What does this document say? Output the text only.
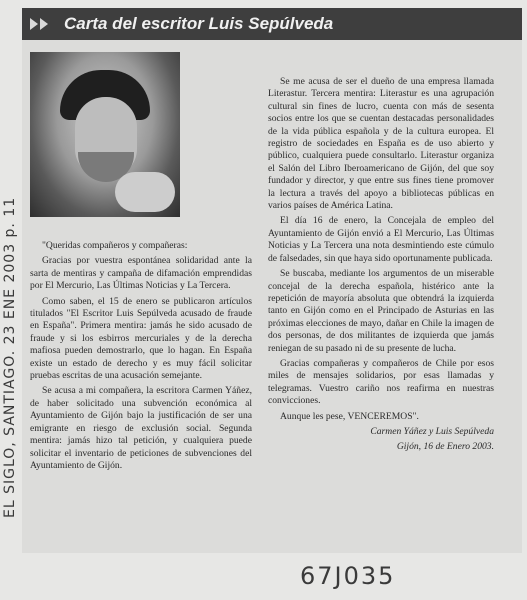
Carta del escritor Luis Sepúlveda

"Queridas compañeros y compañeras:

Gracias por vuestra espontánea solidaridad ante la sarta de mentiras y campaña de difamación emprendidas por El Mercurio, Las Últimas Noticias y La Tercera.

Como saben, el 15 de enero se publicaron artículos titulados "El Escritor Luis Sepúlveda acusado de fraude en España". Primera mentira: jamás he sido acusado de fraude y si los esbirros mercuriales y de la derecha mafiosa pueden demostrarlo, que lo hagan. En España existe un estado de derecho y es muy fácil solicitar pruebas escritas de una acusación semejante.

Se acusa a mi compañera, la escritora Carmen Yáñez, de haber solicitado una subvención económica al Ayuntamiento de Gijón bajo la justificación de ser una emigrante en riesgo de exclusión social. Segunda mentira: jamás hizo tal petición, y cualquiera puede solicitar el inventario de peticiones de subvenciones del Ayuntamiento de Gijón.

Se me acusa de ser el dueño de una empresa llamada Literastur. Tercera mentira: Literastur es una agrupación cultural sin fines de lucro, cuenta con más de sesenta socios entre los que se cuentan destacadas personalidades de la vida pública española y de la cultura europea. El registro de sociedades en España es de uso abierto y público, cualquiera puede consultarlo. Literastur organiza el Salón del Libro Iberoamericano de Gijón, del que soy fundador y director, y que entre sus fines tiene promover la lectura a través del apoyo a bibliotecas públicas en varios países de América Latina.

El día 16 de enero, la Concejala de empleo del Ayuntamiento de Gijón envió a El Mercurio, Las Últimas Noticias y La Tercera una nota desmintiendo este cúmulo de falsedades, sin que haya sido oportunamente publicada.

Se buscaba, mediante los argumentos de un miserable concejal de la derecha española, histérico ante la repetición de mayoría absoluta que obtendrá la izquierda tanto en Gijón como en el Principado de Asturias en las próximas elecciones de mayo, dañar en Chile la imagen de dos personas, de dos militantes de izquierda que jamás reniegan de su pasado ni de su presente de lucha.

Gracias compañeras y compañeros de Chile por esos miles de mensajes solidarios, por esas llamadas y telegramas. Vuestro cariño nos reafirma en nuestras convicciones.

Aunque les pese, VENCEREMOS".

Carmen Yáñez y Luis Sepúlveda

Gijón, 16 de Enero 2003.

EL SIGLO, SANTIAGO. 23 ENE 2003 p. 11
67J035
